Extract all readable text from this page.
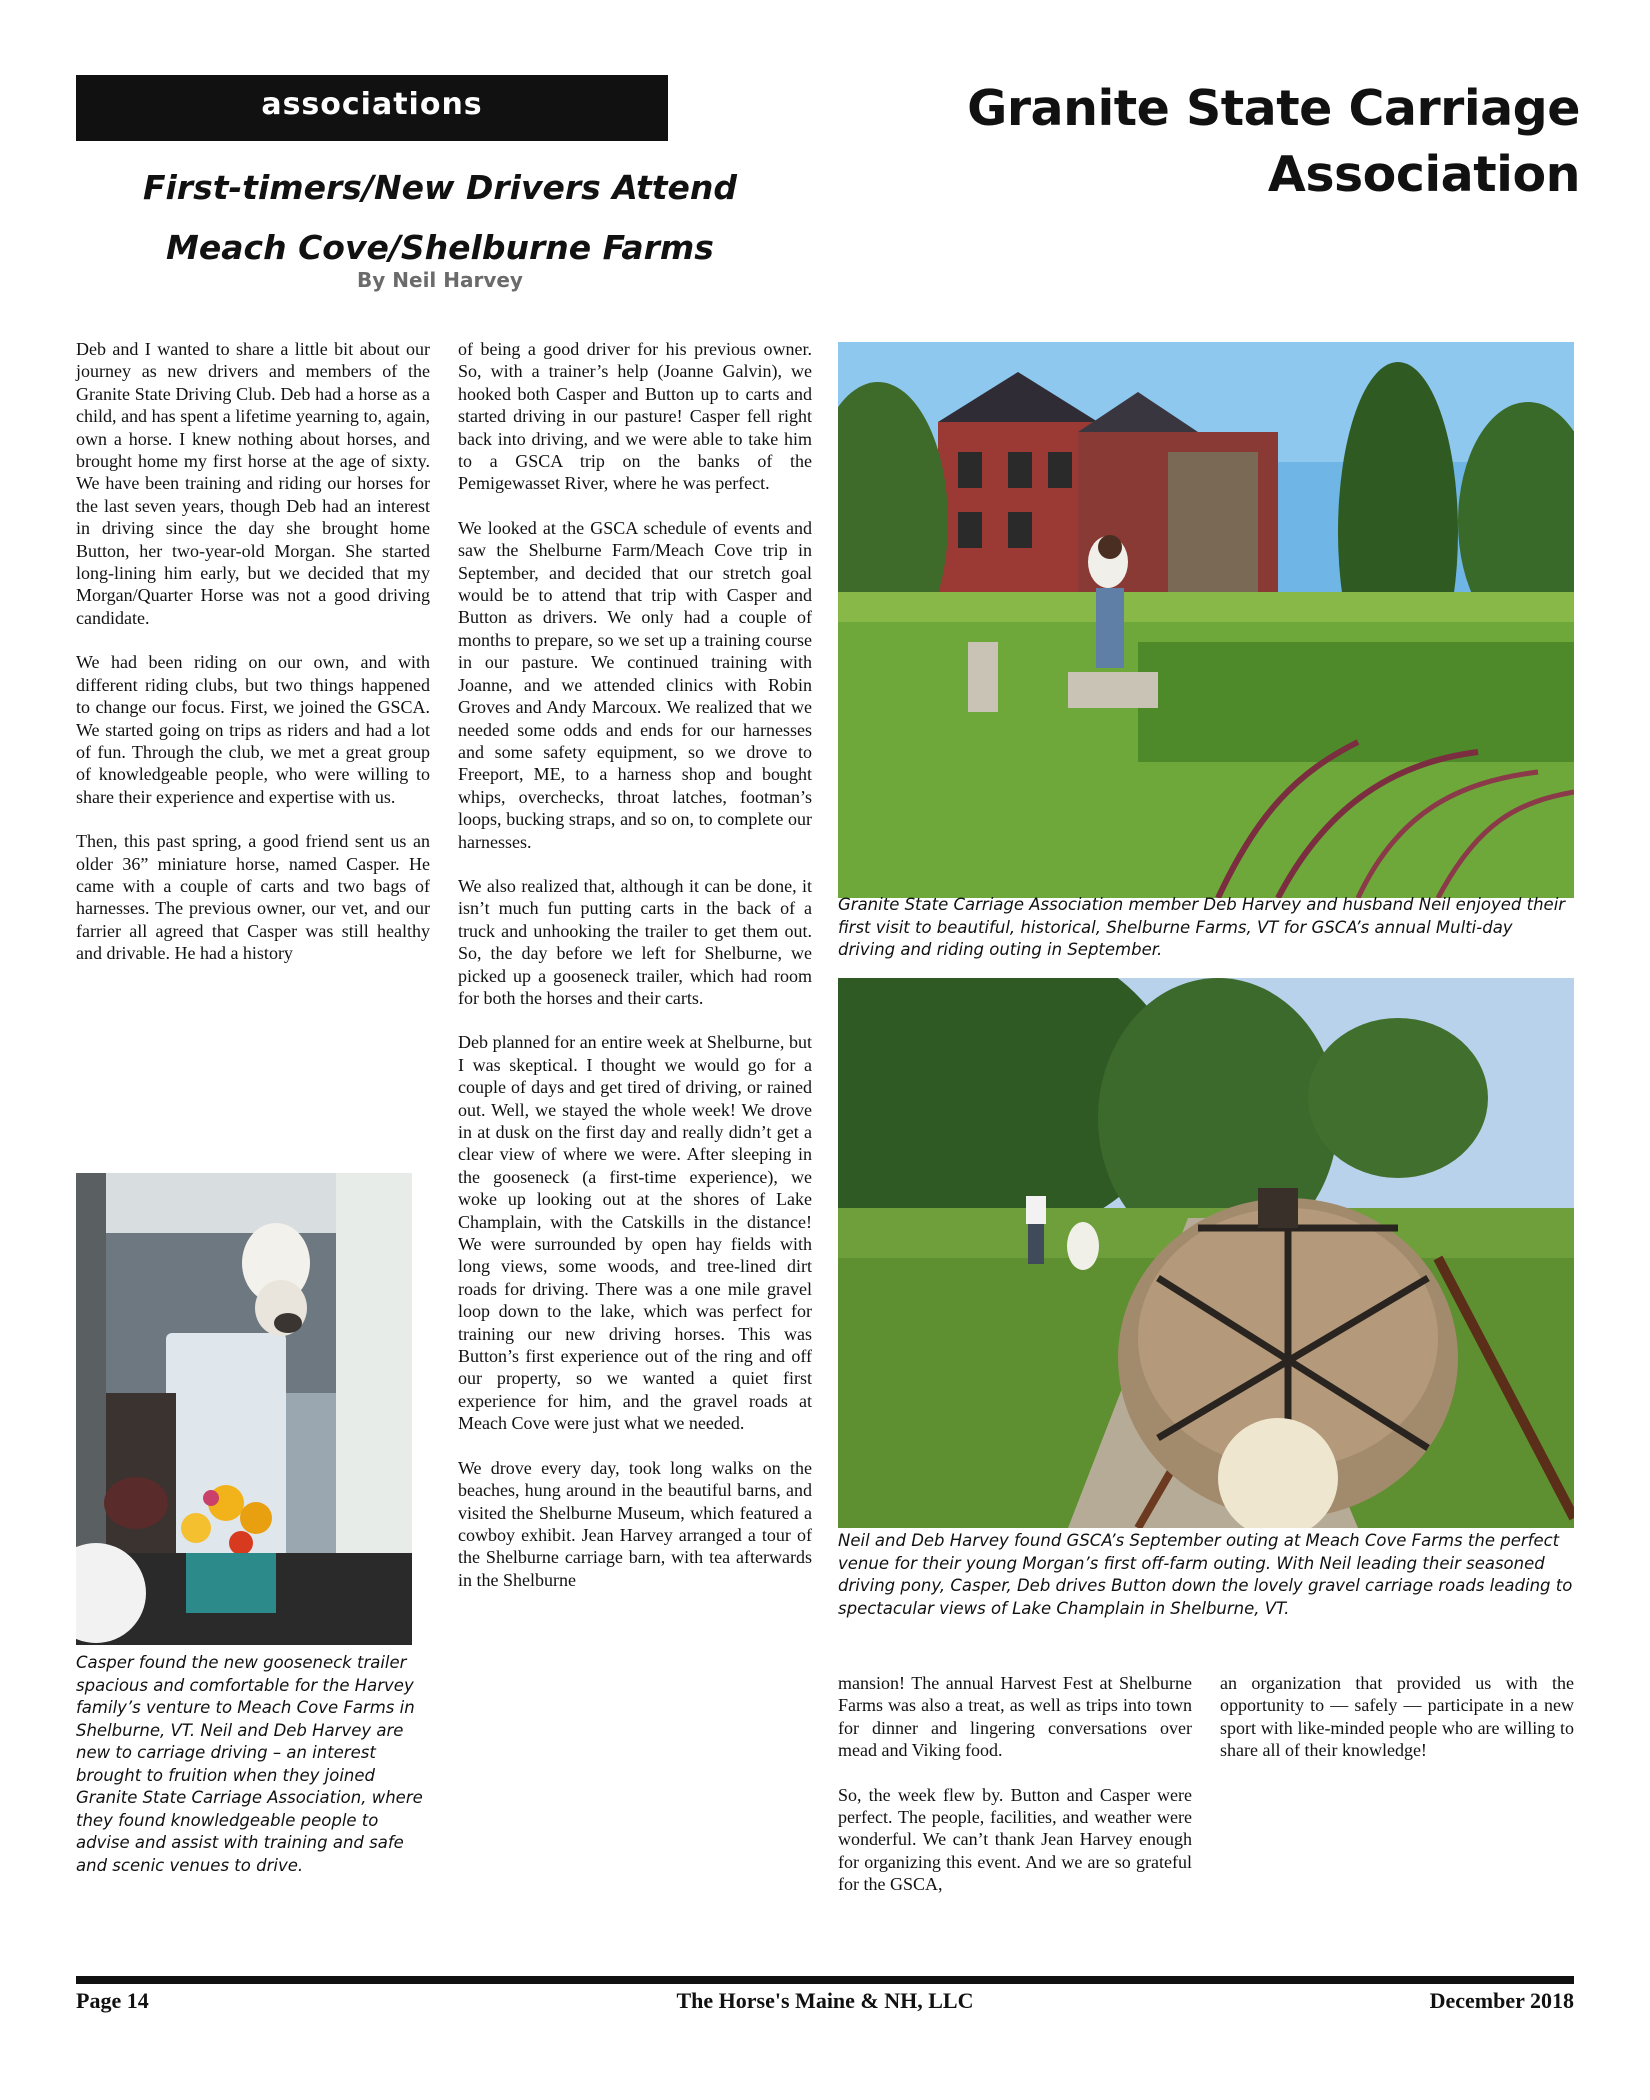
associations	Granite State Carriage Association
First-timers/New Drivers Attend
Meach Cove/Shelburne Farms
By Neil Harvey

Deb and I wanted to share a little bit about our journey as new drivers and members of the Granite State Driving Club. Deb had a horse as a child, and has spent a lifetime yearning to, again, own a horse. I knew nothing about horses, and brought home my first horse at the age of sixty. We have been training and riding our horses for the last seven years, though Deb had an interest in driving since the day she brought home Button, her two-year-old Morgan. She started long-lining him early, but we decided that my Morgan/Quarter Horse was not a good driving candidate.

We had been riding on our own, and with different riding clubs, but two things happened to change our focus. First, we joined the GSCA. We started going on trips as riders and had a lot of fun. Through the club, we met a great group of knowledgeable people, who were willing to share their experience and expertise with us.

Then, this past spring, a good friend sent us an older 36” miniature horse, named Casper. He came with a couple of carts and two bags of harnesses. The previous owner, our vet, and our farrier all agreed that Casper was still healthy and drivable. He had a history

of being a good driver for his previous owner. So, with a trainer’s help (Joanne Galvin), we hooked both Casper and Button up to carts and started driving in our pasture! Casper fell right back into driving, and we were able to take him to a GSCA trip on the banks of the Pemigewasset River, where he was perfect.

We looked at the GSCA schedule of events and saw the Shelburne Farm/Meach Cove trip in September, and decided that our stretch goal would be to attend that trip with Casper and Button as drivers. We only had a couple of months to prepare, so we set up a training course in our pasture. We continued training with Joanne, and we attended clinics with Robin Groves and Andy Marcoux. We realized that we needed some odds and ends for our harnesses and some safety equipment, so we drove to Freeport, ME, to a harness shop and bought whips, overchecks, throat latches, footman’s loops, bucking straps, and so on, to complete our harnesses.

We also realized that, although it can be done, it isn’t much fun putting carts in the back of a truck and unhooking the trailer to get them out. So, the day before we left for Shelburne, we picked up a gooseneck trailer, which had room for both the horses and their carts.

Deb planned for an entire week at Shelburne, but I was skeptical. I thought we would go for a couple of days and get tired of driving, or rained out. Well, we stayed the whole week! We drove in at dusk on the first day and really didn’t get a clear view of where we were. After sleeping in the gooseneck (a first-time experience), we woke up looking out at the shores of Lake Champlain, with the Catskills in the distance! We were surrounded by open hay fields with long views, some woods, and tree-lined dirt roads for driving. There was a one mile gravel loop down to the lake, which was perfect for training our new driving horses. This was Button’s first experience out of the ring and off our property, so we wanted a quiet first experience for him, and the gravel roads at Meach Cove were just what we needed.

We drove every day, took long walks on the beaches, hung around in the beautiful barns, and visited the Shelburne Museum, which featured a cowboy exhibit. Jean Harvey arranged a tour of the Shelburne carriage barn, with tea afterwards in the Shelburne

Casper found the new gooseneck trailer spacious and comfortable for the Harvey family’s venture to Meach Cove Farms in Shelburne, VT. Neil and Deb Harvey are new to carriage driving – an interest brought to fruition when they joined Granite State Carriage Association, where they found knowledgeable people to advise and assist with training and safe and scenic venues to drive.
Granite State Carriage Association member Deb Harvey and husband Neil enjoyed their first visit to beautiful, historical, Shelburne Farms, VT for GSCA’s annual Multi-day driving and riding outing in September.
Neil and Deb Harvey found GSCA’s September outing at Meach Cove Farms the perfect venue for their young Morgan’s first off-farm outing. With Neil leading their seasoned driving pony, Casper, Deb drives Button down the lovely gravel carriage roads leading to spectacular views of Lake Champlain in Shelburne, VT.

mansion! The annual Harvest Fest at Shelburne Farms was also a treat, as well as trips into town for dinner and lingering conversations over mead and Viking food.

So, the week flew by. Button and Casper were perfect. The people, facilities, and weather were wonderful. We can’t thank Jean Harvey enough for organizing this event. And we are so grateful for the GSCA,

an organization that provided us with the opportunity to — safely — participate in a new sport with like-minded people who are willing to share all of their knowledge!

Page 14	The Horse's Maine & NH, LLC	December 2018
